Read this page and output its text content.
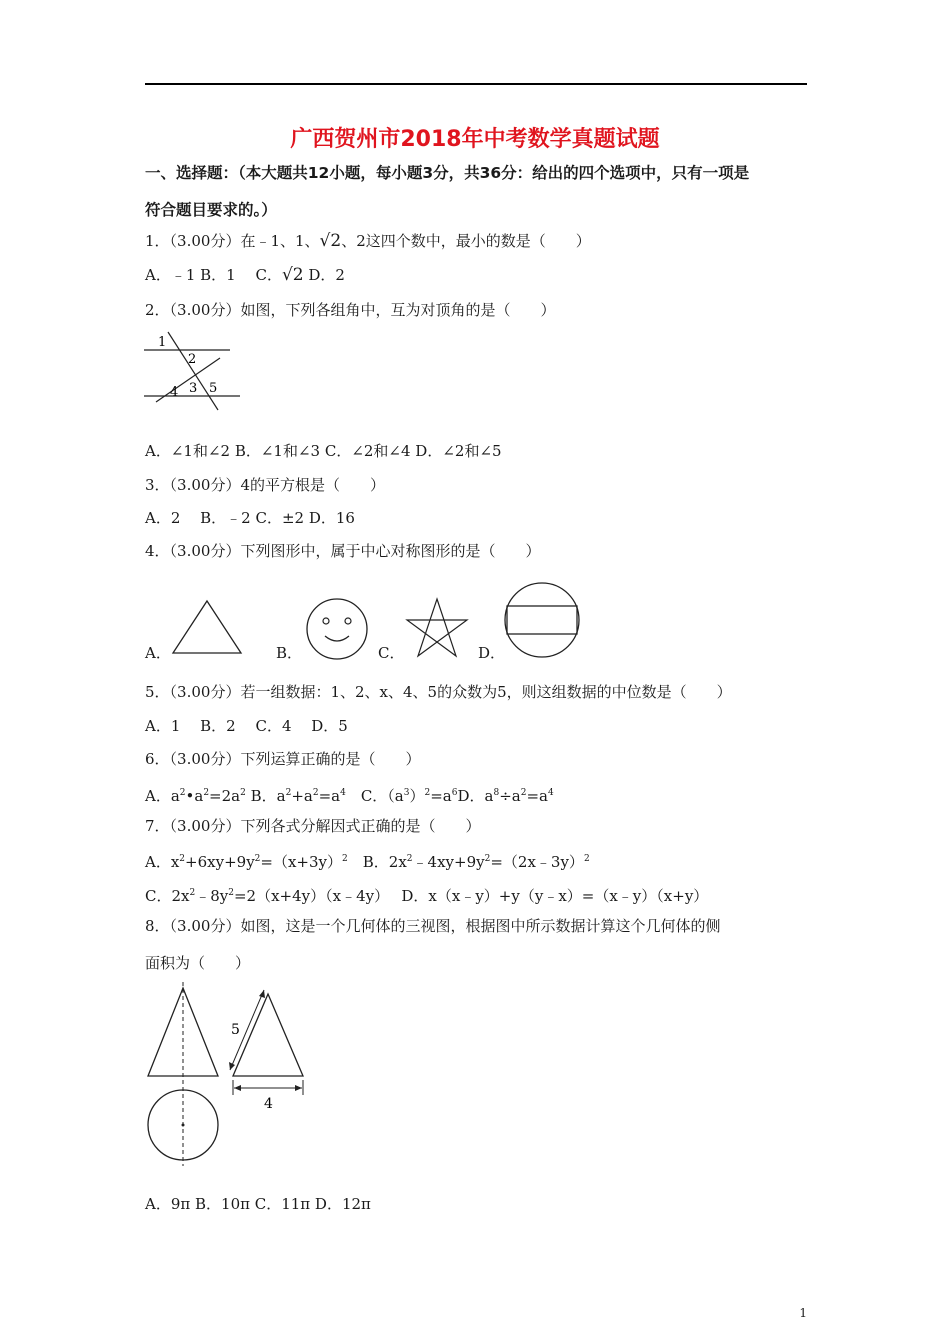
广西贺州市2018年中考数学真题试题
一、选择题：（本大题共12小题，每小题3分，共36分：给出的四个选项中，只有一项是
符合题目要求的。）
1．（3.00分）在﹣1、1、√2、2这四个数中，最小的数是（　　）
A．﹣1 B．1　 C．√2 D．2
2．（3.00分）如图，下列各组角中，互为对顶角的是（　　）
1
2
3
4 5
A．∠1和∠2 B．∠1和∠3 C．∠2和∠4 D．∠2和∠5
3．（3.00分）4的平方根是（　　）
A．2　 B．﹣2 C．±2 D．16
4．（3.00分）下列图形中，属于中心对称图形的是（　　）
A．	B．	C．	D．
5．（3.00分）若一组数据：1、2、x、4、5的众数为5，则这组数据的中位数是（　　）
A．1　 B．2　 C．4　 D．5
6．（3.00分）下列运算正确的是（　　）
A．$a^2•a^2=2a^2$ B．$a^2+a^2=a^4$　C．$(a^3)^2=a^6D$．$a^8\div a^2=a^4$
7．（3.00分）下列各式分解因式正确的是（　　）
A．$x^2+6xy+9y^2=(x+3y)^2$　B．$2x^2﹣4xy+9y^2=(2x﹣3y)^2$
C．$2x^2﹣8y^2=2(x+4y)(x﹣4y)$　 D．x（x﹣y）+y（y﹣x）=（x﹣y）（x+y）
8．（3.00分）如图，这是一个几何体的三视图，根据图中所示数据计算这个几何体的侧
面积为（　　）
5
4
A．9π B．10π C．11π D．12π
1
